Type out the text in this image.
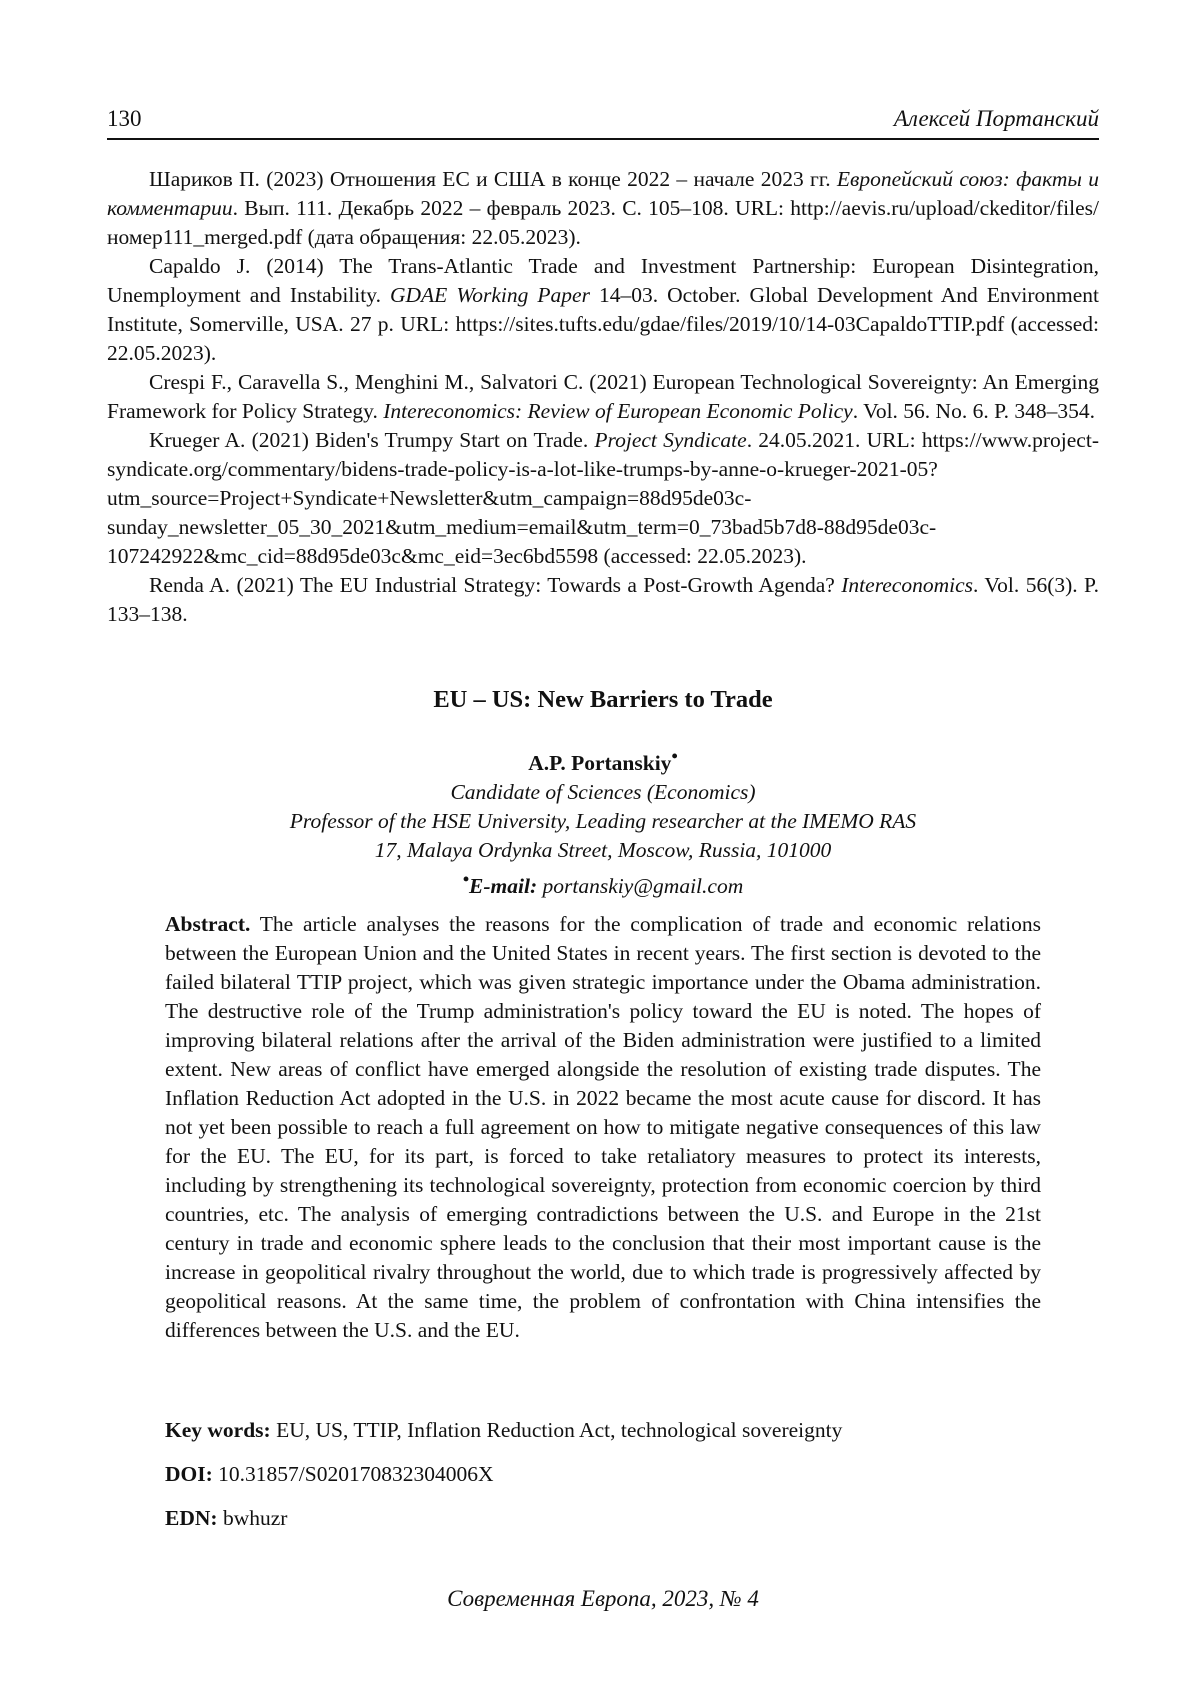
130	Алексей Портанский

Шариков П. (2023) Отношения ЕС и США в конце 2022 – начале 2023 гг. Европейский союз: факты и комментарии. Вып. 111. Декабрь 2022 – февраль 2023. С. 105–108. URL: http://aevis.ru/upload/ckeditor/files/номер111_merged.pdf (дата обращения: 22.05.2023).

Capaldo J. (2014) The Trans-Atlantic Trade and Investment Partnership: European Disintegration, Unemployment and Instability. GDAE Working Paper 14–03. October. Global Development And Environment Institute, Somerville, USA. 27 p. URL: https://sites.tufts.edu/gdae/files/2019/10/14-03CapaldoTTIP.pdf (accessed: 22.05.2023).

Crespi F., Caravella S., Menghini M., Salvatori C. (2021) European Technological Sovereignty: An Emerging Framework for Policy Strategy. Intereconomics: Review of European Economic Policy. Vol. 56. No. 6. P. 348–354.

Krueger A. (2021) Biden's Trumpy Start on Trade. Project Syndicate. 24.05.2021. URL: https://www.project-syndicate.org/commentary/bidens-trade-policy-is-a-lot-like-trumps-by-anne-o-krueger-2021-05?utm_source=Project+Syndicate+Newsletter&utm_campaign=88d95de03c-sunday_newsletter_05_30_2021&utm_medium=email&utm_term=0_73bad5b7d8-88d95de03c-107242922&mc_cid=88d95de03c&mc_eid=3ec6bd5598 (accessed: 22.05.2023).

Renda A. (2021) The EU Industrial Strategy: Towards a Post-Growth Agenda? Intereconomics. Vol. 56(3). P. 133–138.

EU – US: New Barriers to Trade
A.P. Portanskiy•
Candidate of Sciences (Economics)
Professor of the HSE University, Leading researcher at the IMEMO RAS
17, Malaya Ordynka Street, Moscow, Russia, 101000
•E-mail: portanskiy@gmail.com

Abstract. The article analyses the reasons for the complication of trade and economic relations between the European Union and the United States in recent years. The first section is devoted to the failed bilateral TTIP project, which was given strategic importance under the Obama administration. The destructive role of the Trump administration's policy toward the EU is noted. The hopes of improving bilateral relations after the arrival of the Biden administration were justified to a limited extent. New areas of conflict have emerged alongside the resolution of existing trade disputes. The Inflation Reduction Act adopted in the U.S. in 2022 became the most acute cause for discord. It has not yet been possible to reach a full agreement on how to mitigate negative consequences of this law for the EU. The EU, for its part, is forced to take retaliatory measures to protect its interests, including by strengthening its technological sovereignty, protection from economic coercion by third countries, etc. The analysis of emerging contradictions between the U.S. and Europe in the 21st century in trade and economic sphere leads to the conclusion that their most important cause is the increase in geopolitical rivalry throughout the world, due to which trade is progressively affected by geopolitical reasons. At the same time, the problem of confrontation with China intensifies the differences between the U.S. and the EU.

Key words: EU, US, TTIP, Inflation Reduction Act, technological sovereignty

DOI: 10.31857/S020170832304006X

EDN: bwhuzr

Современная Европа, 2023, № 4
